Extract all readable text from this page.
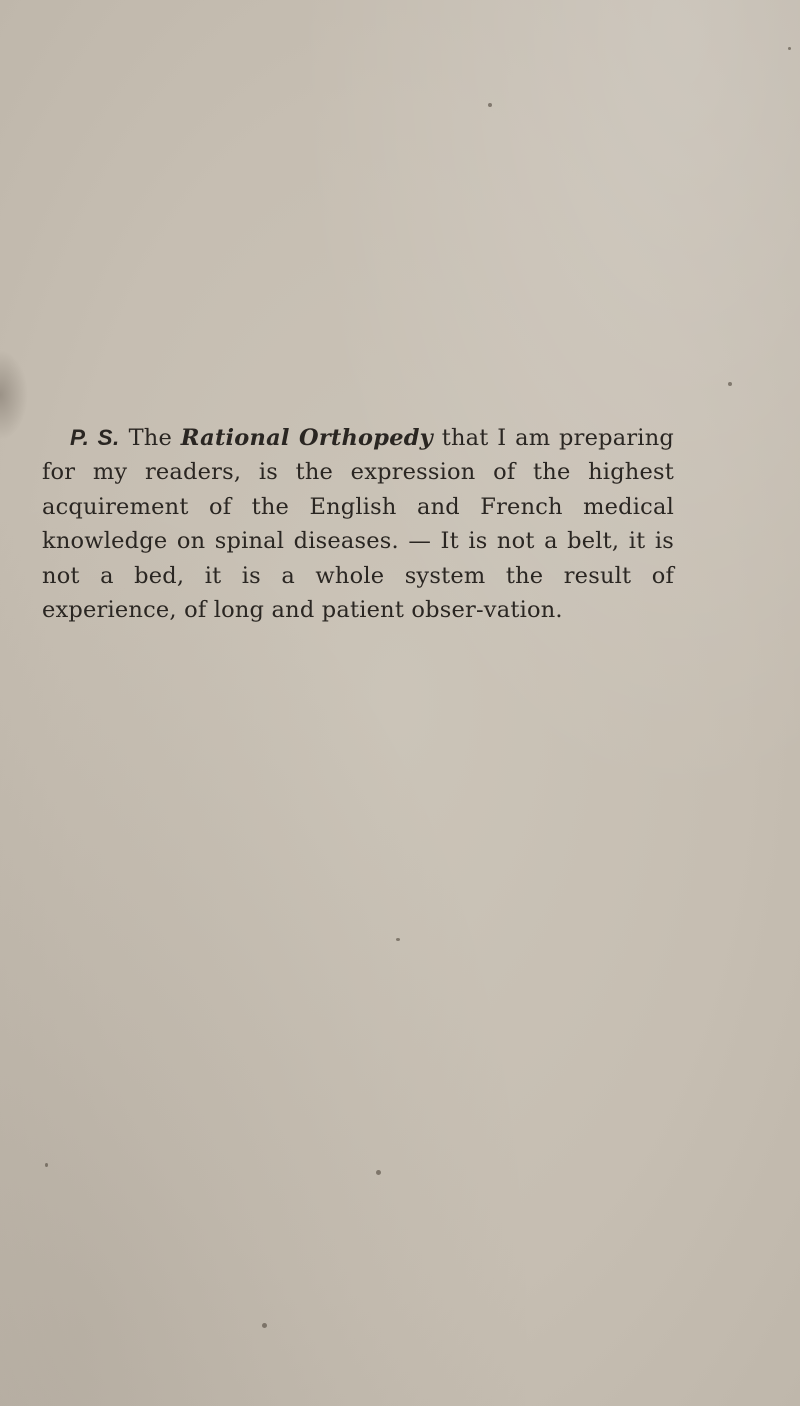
P. S. The Rational Orthopedy that I am preparing for my readers, is the expression of the highest acquirement of the English and French medical knowledge on spinal diseases. — It is not a belt, it is not a bed, it is a whole system the result of experience, of long and patient obser-vation.
